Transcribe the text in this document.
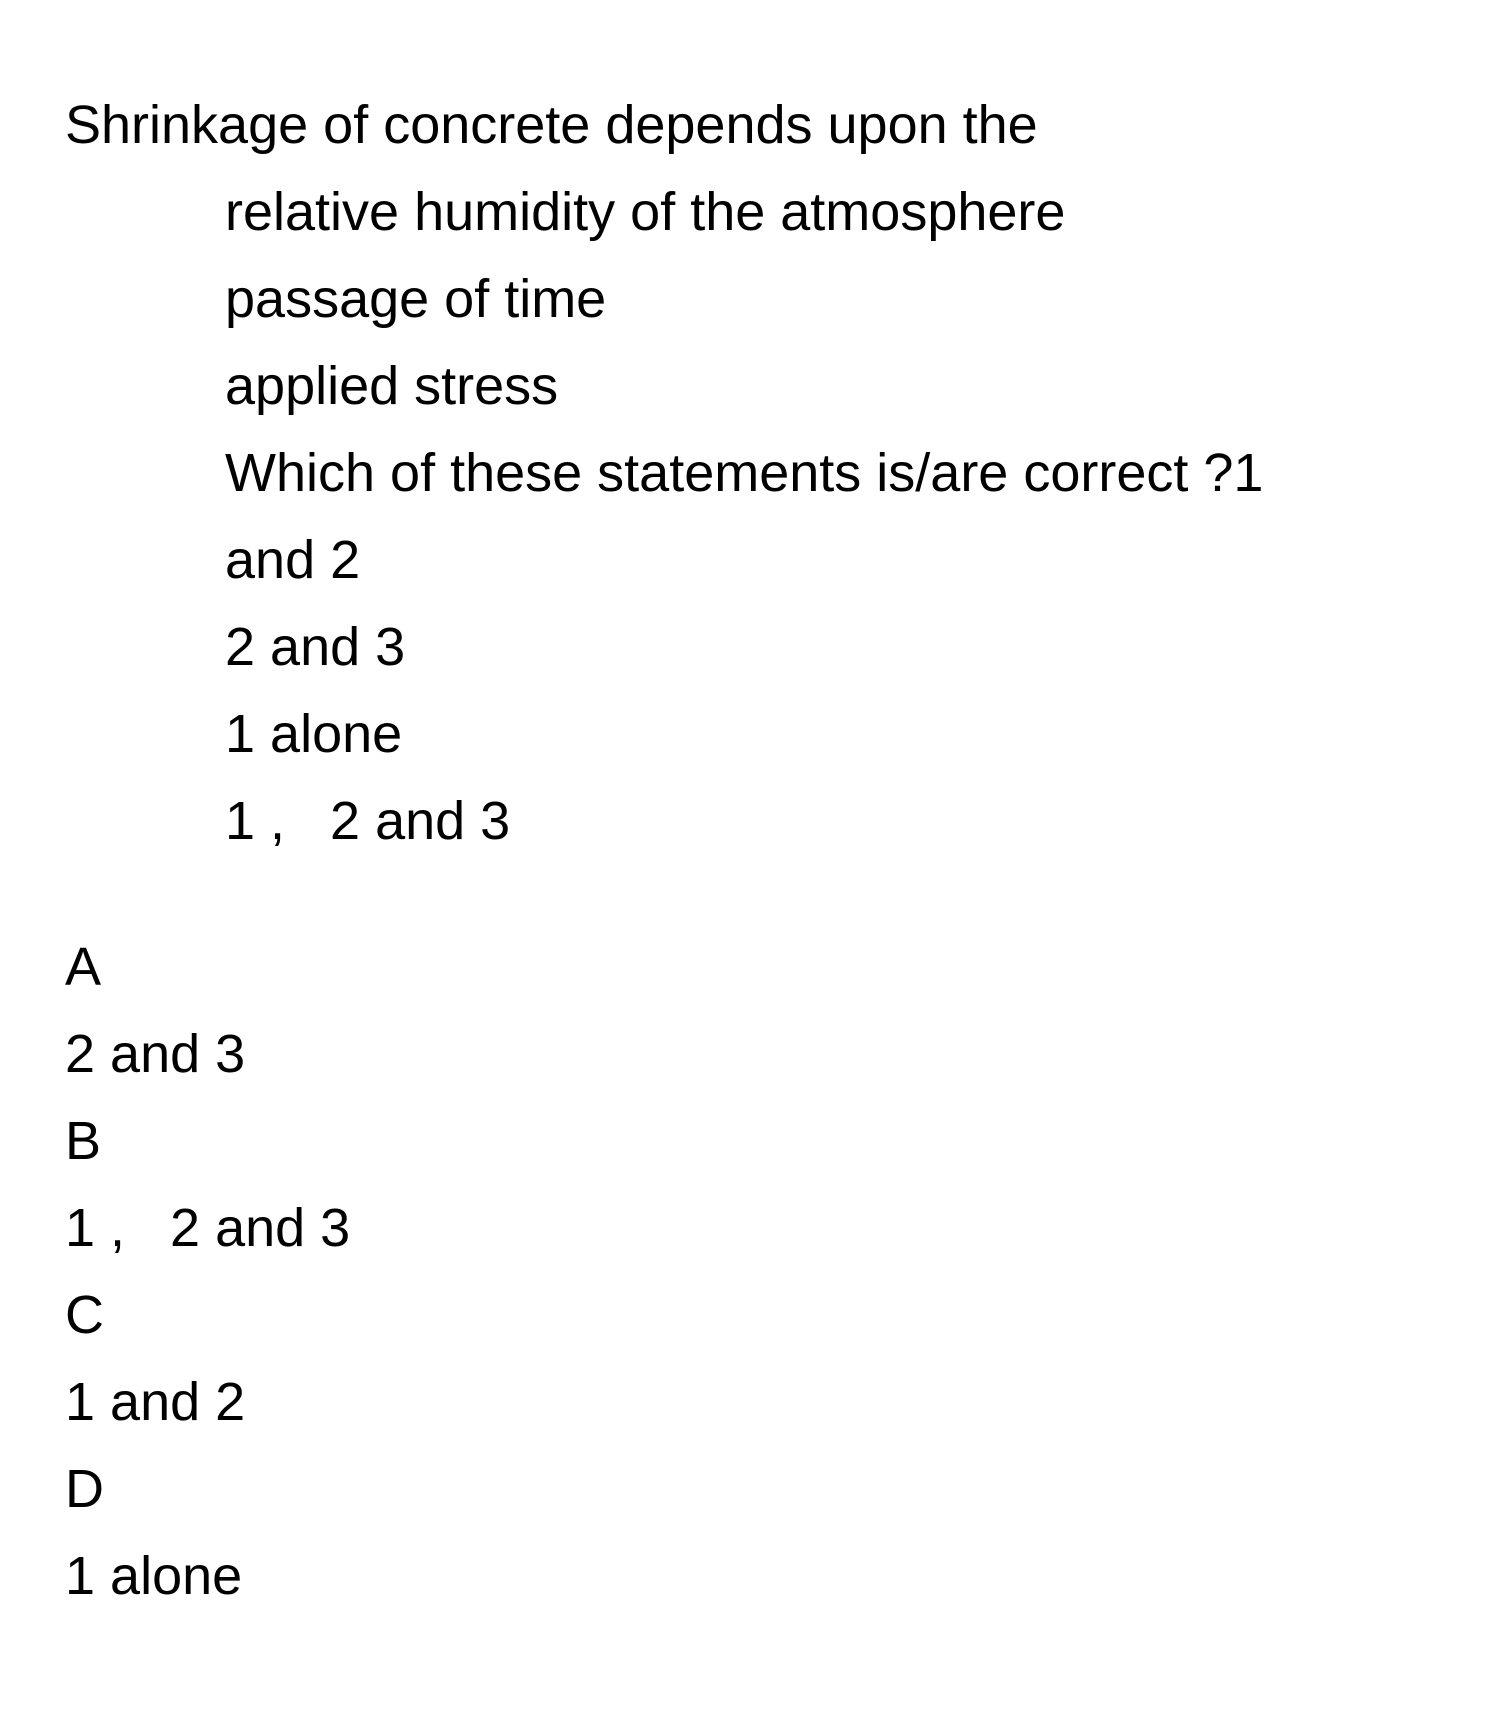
Shrinkage of concrete depends upon the
relative humidity of the atmosphere
passage of time
applied stress
Which of these statements is/are correct ?1
and 2
2 and 3
1 alone
1 ,   2 and 3
A
2 and 3
B
1 ,   2 and 3
C
1 and 2
D
1 alone
